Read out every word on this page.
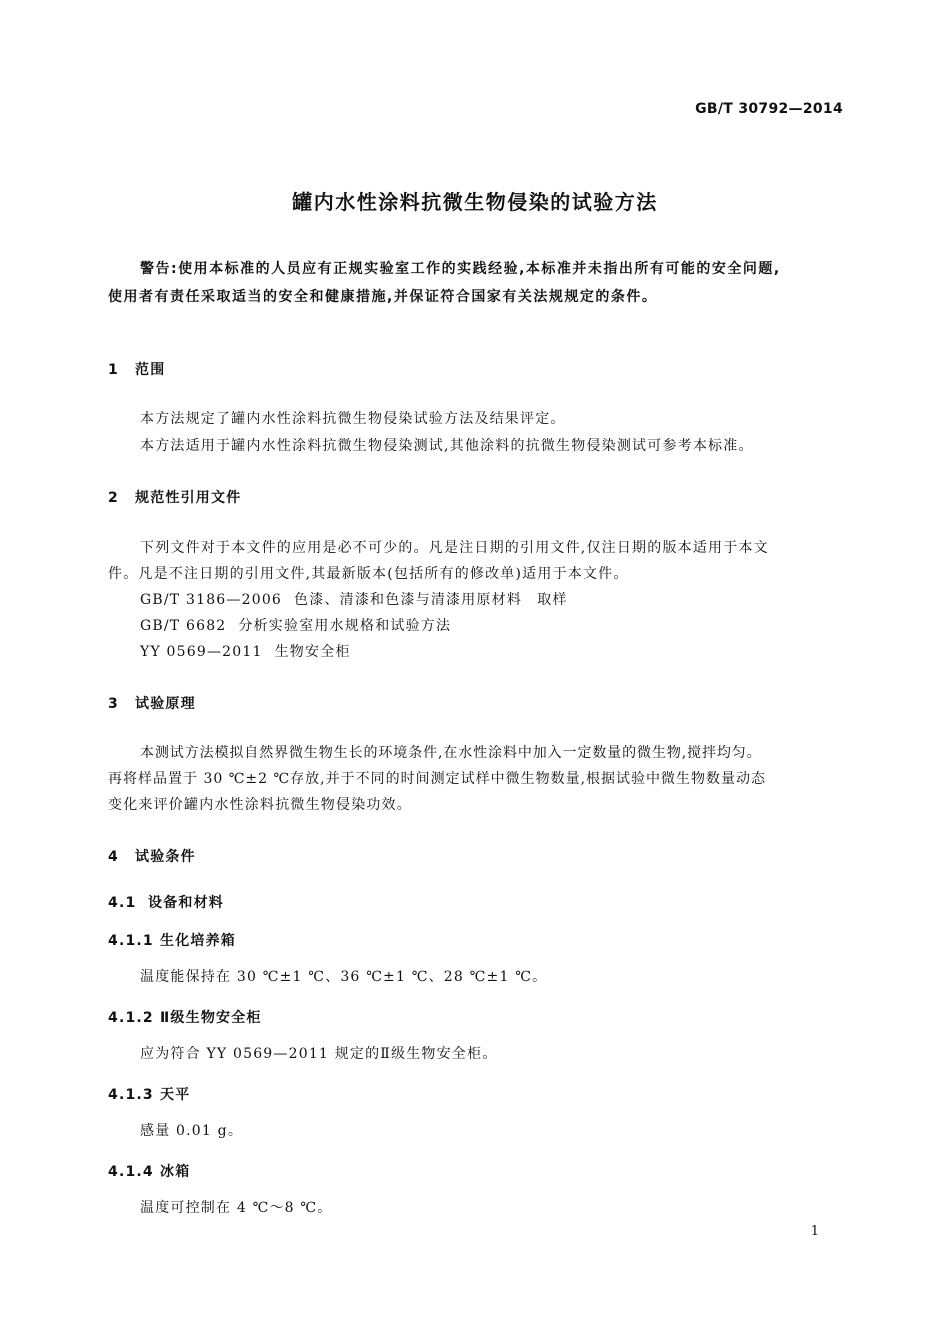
GB/T 30792—2014
罐内水性涂料抗微生物侵染的试验方法
警告:使用本标准的人员应有正规实验室工作的实践经验,本标准并未指出所有可能的安全问题,
使用者有责任采取适当的安全和健康措施,并保证符合国家有关法规规定的条件。
1 范围
本方法规定了罐内水性涂料抗微生物侵染试验方法及结果评定。
本方法适用于罐内水性涂料抗微生物侵染测试,其他涂料的抗微生物侵染测试可参考本标准。
2 规范性引用文件
下列文件对于本文件的应用是必不可少的。凡是注日期的引用文件,仅注日期的版本适用于本文
件。凡是不注日期的引用文件,其最新版本(包括所有的修改单)适用于本文件。
GB/T 3186—2006 色漆、清漆和色漆与清漆用原材料　取样
GB/T 6682 分析实验室用水规格和试验方法
YY 0569—2011 生物安全柜
3 试验原理
本测试方法模拟自然界微生物生长的环境条件,在水性涂料中加入一定数量的微生物,搅拌均匀。
再将样品置于 30 ℃±2 ℃存放,并于不同的时间测定试样中微生物数量,根据试验中微生物数量动态
变化来评价罐内水性涂料抗微生物侵染功效。
4 试验条件
4.1 设备和材料
4.1.1 生化培养箱
温度能保持在 30 ℃±1 ℃、36 ℃±1 ℃、28 ℃±1 ℃。
4.1.2 Ⅱ级生物安全柜
应为符合 YY 0569—2011 规定的Ⅱ级生物安全柜。
4.1.3 天平
感量 0.01 g。
4.1.4 冰箱
温度可控制在 4 ℃～8 ℃。
1
